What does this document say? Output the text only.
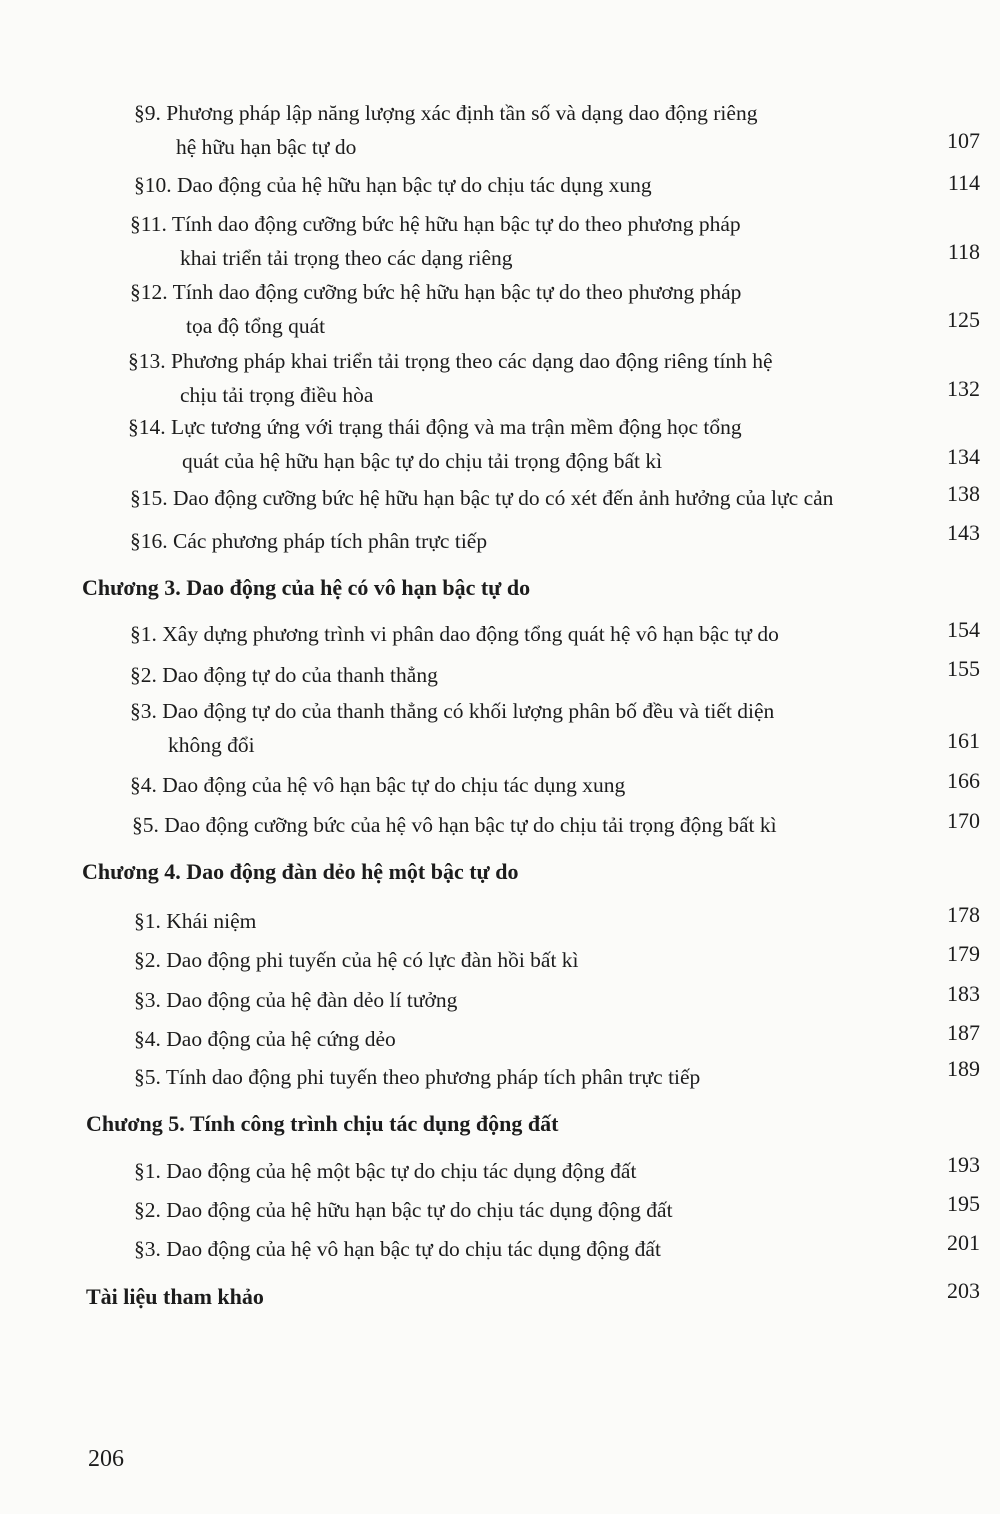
§9. Phương pháp lập năng lượng xác định tần số và dạng dao động riêng
hệ hữu hạn bậc tự do	107
§10. Dao động của hệ hữu hạn bậc tự do chịu tác dụng xung	114
§11. Tính dao động cưỡng bức hệ hữu hạn bậc tự do theo phương pháp
khai triển tải trọng theo các dạng riêng	118
§12. Tính dao động cưỡng bức hệ hữu hạn bậc tự do theo phương pháp
tọa độ tổng quát	125
§13. Phương pháp khai triển tải trọng theo các dạng dao động riêng tính hệ
chịu tải trọng điều hòa	132
§14. Lực tương ứng với trạng thái động và ma trận mềm động học tổng
quát của hệ hữu hạn bậc tự do chịu tải trọng động bất kì	134
§15. Dao động cưỡng bức hệ hữu hạn bậc tự do có xét đến ảnh hưởng của lực cản	138
§16. Các phương pháp tích phân trực tiếp	143
Chương 3. Dao động của hệ có vô hạn bậc tự do
§1. Xây dựng phương trình vi phân dao động tổng quát hệ vô hạn bậc tự do	154
§2. Dao động tự do của thanh thẳng	155
§3. Dao động tự do của thanh thẳng có khối lượng phân bố đều và tiết diện
không đổi	161
§4. Dao động của hệ vô hạn bậc tự do chịu tác dụng xung	166
§5. Dao động cưỡng bức của hệ vô hạn bậc tự do chịu tải trọng động bất kì	170
Chương 4. Dao động đàn dẻo hệ một bậc tự do
§1. Khái niệm	178
§2. Dao động phi tuyến của hệ có lực đàn hồi bất kì	179
§3. Dao động của hệ đàn dẻo lí tưởng	183
§4. Dao động của hệ cứng dẻo	187
§5. Tính dao động phi tuyến theo phương pháp tích phân trực tiếp	189
Chương 5. Tính công trình chịu tác dụng động đất
§1. Dao động của hệ một bậc tự do chịu tác dụng động đất	193
§2. Dao động của hệ hữu hạn bậc tự do chịu tác dụng động đất	195
§3. Dao động của hệ vô hạn bậc tự do chịu tác dụng động đất	201
Tài liệu tham khảo	203
206
